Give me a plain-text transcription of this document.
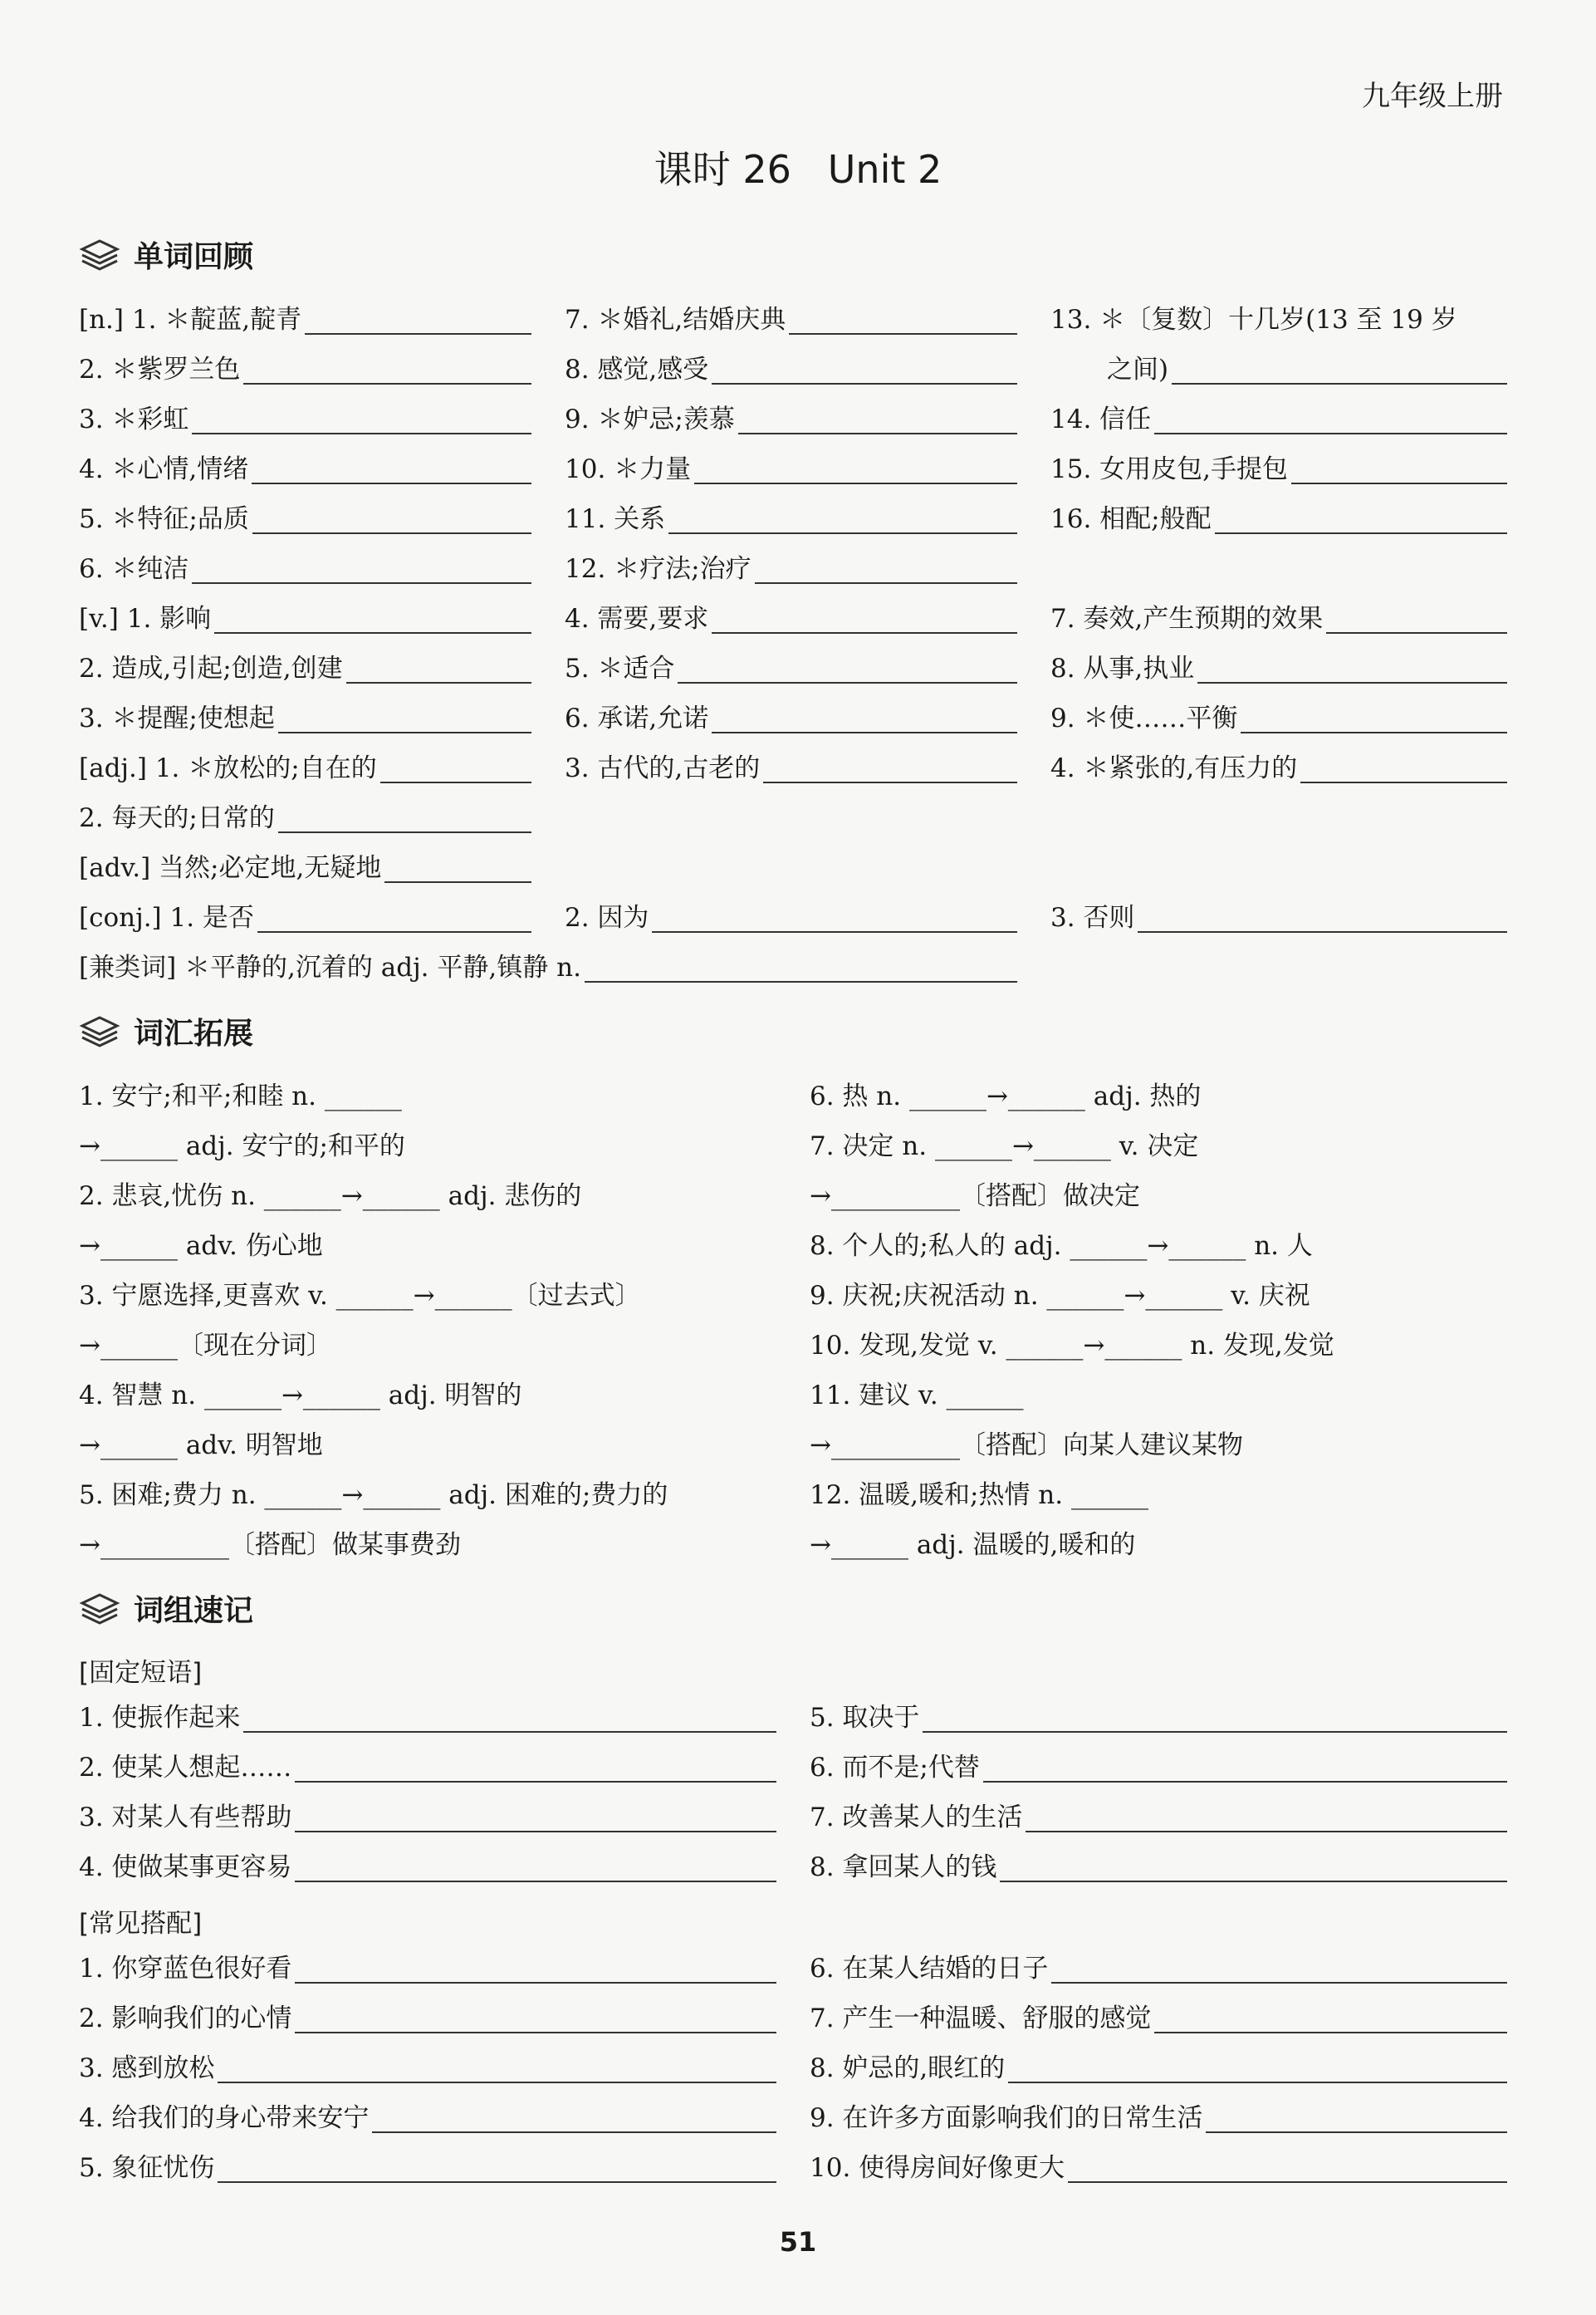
九年级上册
课时 26   Unit 2
单词回顾
[n.] 1. ＊靛蓝,靛青
2. ＊紫罗兰色
3. ＊彩虹
4. ＊心情,情绪
5. ＊特征;品质
6. ＊纯洁
7. ＊婚礼,结婚庆典
8. 感觉,感受
9. ＊妒忌;羡慕
10. ＊力量
11. 关系
12. ＊疗法;治疗
13. ＊〔复数〕十几岁(13 至 19 岁
之间)
14. 信任
15. 女用皮包,手提包
16. 相配;般配
[v.] 1. 影响
2. 造成,引起;创造,创建
3. ＊提醒;使想起
4. 需要,要求
5. ＊适合
6. 承诺,允诺
7. 奏效,产生预期的效果
8. 从事,执业
9. ＊使……平衡
[adj.] 1. ＊放松的;自在的	3. 古代的,古老的	4. ＊紧张的,有压力的
2. 每天的;日常的
[adv.] 当然;必定地,无疑地
[conj.] 1. 是否	2. 因为	3. 否则
[兼类词] ＊平静的,沉着的 adj. 平静,镇静 n.
词汇拓展
1. 安宁;和平;和睦 n. ______
→______ adj. 安宁的;和平的
2. 悲哀,忧伤 n. ______→______ adj. 悲伤的
→______ adv. 伤心地
3. 宁愿选择,更喜欢 v. ______→______〔过去式〕
→______〔现在分词〕
4. 智慧 n. ______→______ adj. 明智的
→______ adv. 明智地
5. 困难;费力 n. ______→______ adj. 困难的;费力的
→__________〔搭配〕做某事费劲
6. 热 n. ______→______ adj. 热的
7. 决定 n. ______→______ v. 决定
→__________〔搭配〕做决定
8. 个人的;私人的 adj. ______→______ n. 人
9. 庆祝;庆祝活动 n. ______→______ v. 庆祝
10. 发现,发觉 v. ______→______ n. 发现,发觉
11. 建议 v. ______
→__________〔搭配〕向某人建议某物
12. 温暖,暖和;热情 n. ______
→______ adj. 温暖的,暖和的
词组速记
[固定短语]
[常见搭配]
1. 使振作起来
2. 使某人想起……
3. 对某人有些帮助
4. 使做某事更容易
5. 取决于
6. 而不是;代替
7. 改善某人的生活
8. 拿回某人的钱
1. 你穿蓝色很好看
2. 影响我们的心情
3. 感到放松
4. 给我们的身心带来安宁
5. 象征忧伤
6. 在某人结婚的日子
7. 产生一种温暖、舒服的感觉
8. 妒忌的,眼红的
9. 在许多方面影响我们的日常生活
10. 使得房间好像更大
51
